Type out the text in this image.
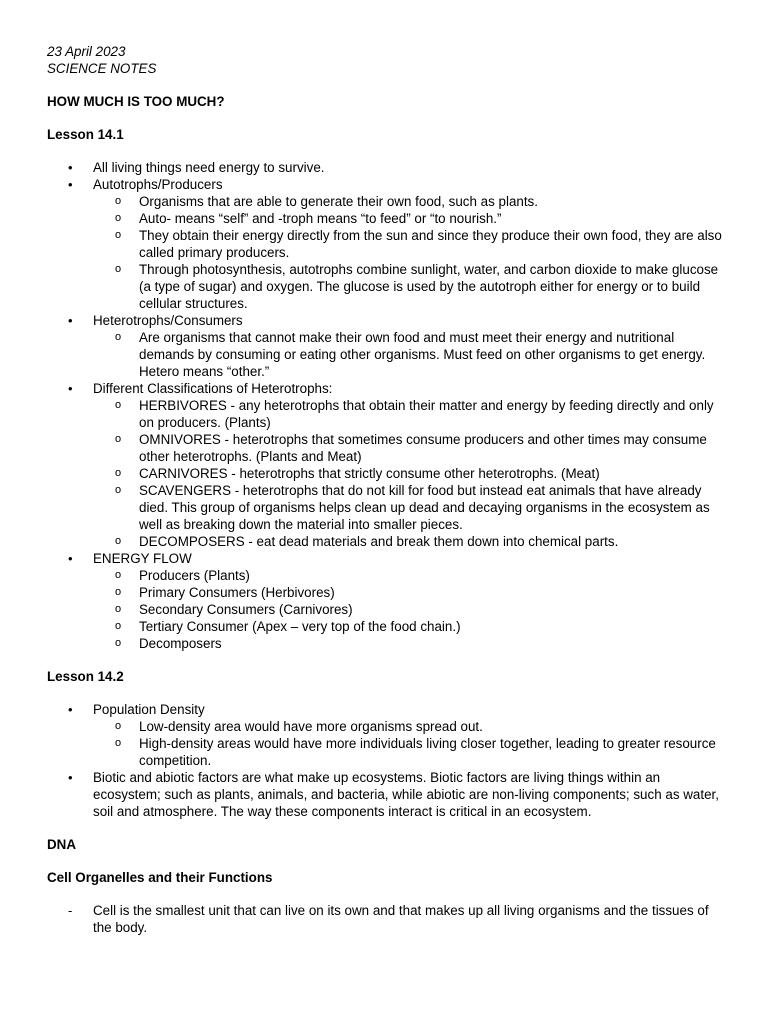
23 April 2023

SCIENCE NOTES

HOW MUCH IS TOO MUCH?

Lesson 14.1

• All living things need energy to survive.
• Autotrophs/Producers
o Organisms that are able to generate their own food, such as plants.
o Auto- means “self” and -troph means “to feed” or “to nourish.”
o They obtain their energy directly from the sun and since they produce their own food, they are also called primary producers.
o Through photosynthesis, autotrophs combine sunlight, water, and carbon dioxide to make glucose (a type of sugar) and oxygen. The glucose is used by the autotroph either for energy or to build cellular structures.
• Heterotrophs/Consumers
o Are organisms that cannot make their own food and must meet their energy and nutritional demands by consuming or eating other organisms. Must feed on other organisms to get energy. Hetero means “other.”
• Different Classifications of Heterotrophs:
o HERBIVORES - any heterotrophs that obtain their matter and energy by feeding directly and only on producers. (Plants)
o OMNIVORES - heterotrophs that sometimes consume producers and other times may consume other heterotrophs. (Plants and Meat)
o CARNIVORES - heterotrophs that strictly consume other heterotrophs. (Meat)
o SCAVENGERS - heterotrophs that do not kill for food but instead eat animals that have already died. This group of organisms helps clean up dead and decaying organisms in the ecosystem as well as breaking down the material into smaller pieces.
o DECOMPOSERS - eat dead materials and break them down into chemical parts.
• ENERGY FLOW
o Producers (Plants)
o Primary Consumers (Herbivores)
o Secondary Consumers (Carnivores)
o Tertiary Consumer (Apex – very top of the food chain.)
o Decomposers

Lesson 14.2

• Population Density
o Low-density area would have more organisms spread out.
o High-density areas would have more individuals living closer together, leading to greater resource competition.
• Biotic and abiotic factors are what make up ecosystems. Biotic factors are living things within an ecosystem; such as plants, animals, and bacteria, while abiotic are non-living components; such as water, soil and atmosphere. The way these components interact is critical in an ecosystem.

DNA

Cell Organelles and their Functions

- Cell is the smallest unit that can live on its own and that makes up all living organisms and the tissues of the body.
